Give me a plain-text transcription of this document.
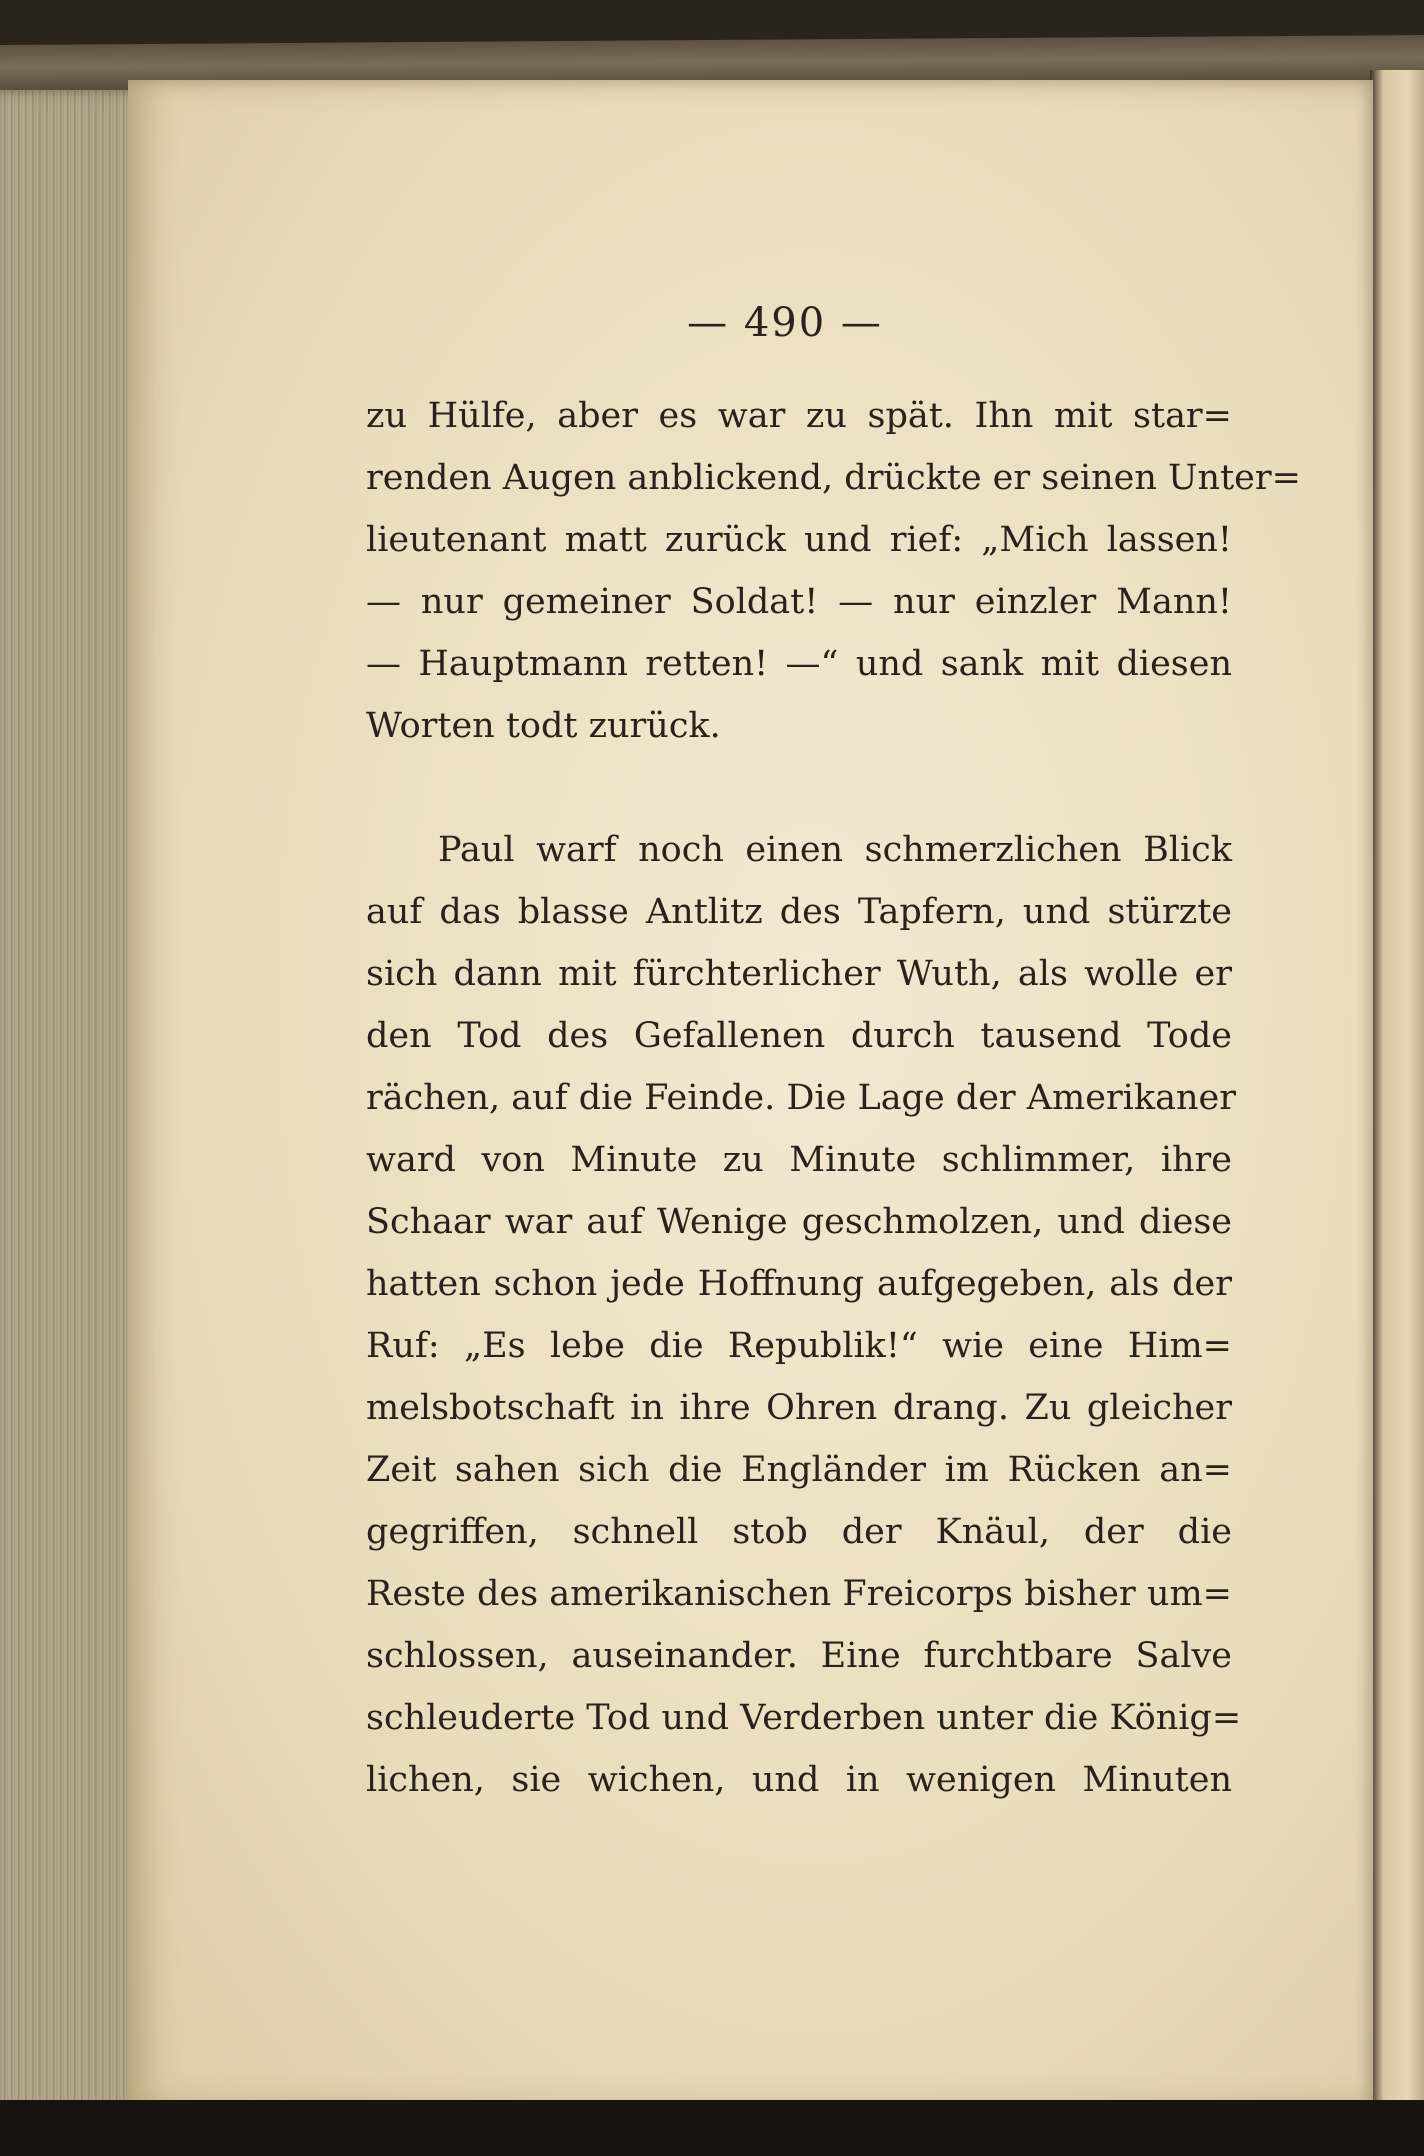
— 490 —
zu Hülfe, aber es war zu spät. Ihn mit star=
renden Augen anblickend, drückte er seinen Unter=
lieutenant matt zurück und rief: „Mich lassen!
— nur gemeiner Soldat! — nur einzler Mann!
— Hauptmann retten! —“ und sank mit diesen
Worten todt zurück.
Paul warf noch einen schmerzlichen Blick
auf das blasse Antlitz des Tapfern, und stürzte
sich dann mit fürchterlicher Wuth, als wolle er
den Tod des Gefallenen durch tausend Tode
rächen, auf die Feinde. Die Lage der Amerikaner
ward von Minute zu Minute schlimmer, ihre
Schaar war auf Wenige geschmolzen, und diese
hatten schon jede Hoffnung aufgegeben, als der
Ruf: „Es lebe die Republik!“ wie eine Him=
melsbotschaft in ihre Ohren drang. Zu gleicher
Zeit sahen sich die Engländer im Rücken an=
gegriffen, schnell stob der Knäul, der die
Reste des amerikanischen Freicorps bisher um=
schlossen, auseinander. Eine furchtbare Salve
schleuderte Tod und Verderben unter die König=
lichen, sie wichen, und in wenigen Minuten
